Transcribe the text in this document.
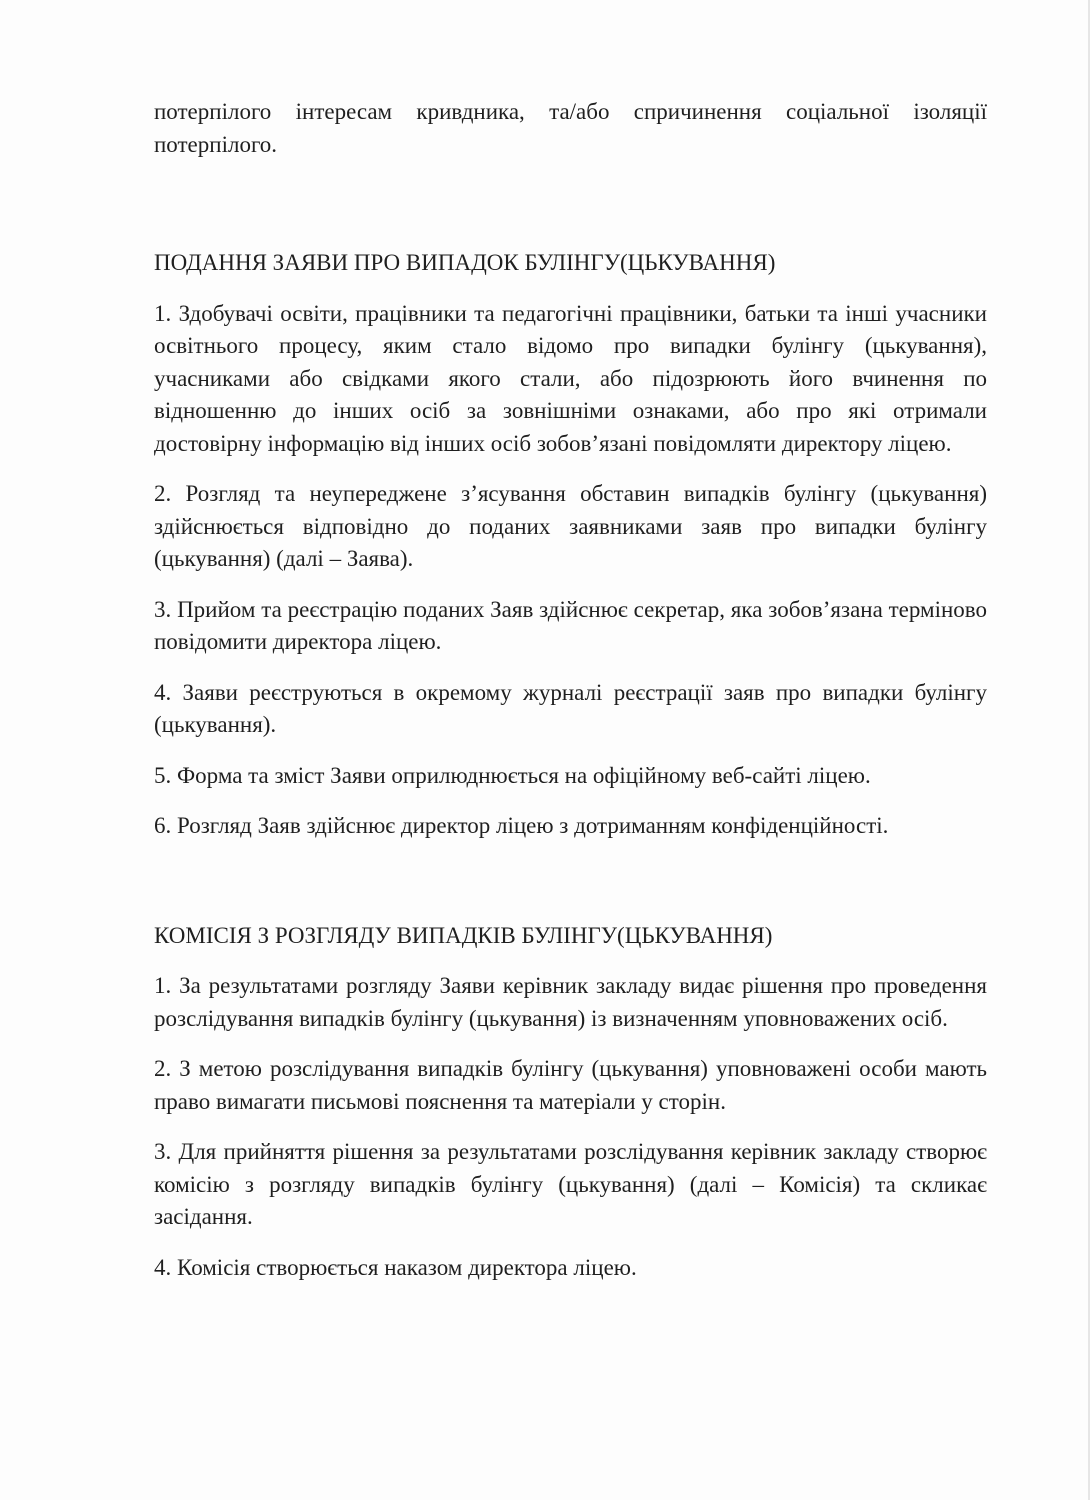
потерпілого інтересам кривдника, та/або спричинення соціальної ізоляції потерпілого.

ПОДАННЯ ЗАЯВИ ПРО ВИПАДОК БУЛІНГУ(ЦЬКУВАННЯ)

1. Здобувачі освіти, працівники та педагогічні працівники, батьки та інші учасники освітнього процесу, яким стало відомо про випадки булінгу (цькування), учасниками або свідками якого стали, або підозрюють його вчинення по відношенню до інших осіб за зовнішніми ознаками, або про які отримали достовірну інформацію від інших осіб зобов’язані повідомляти директору ліцею.

2. Розгляд та неупереджене з’ясування обставин випадків булінгу (цькування) здійснюється відповідно до поданих заявниками заяв про випадки булінгу (цькування) (далі – Заява).

3. Прийом та реєстрацію поданих Заяв здійснює секретар, яка зобов’язана терміново повідомити директора ліцею.

4. Заяви реєструються в окремому журналі реєстрації заяв про випадки булінгу (цькування).

5. Форма та зміст Заяви оприлюднюється на офіційному веб-сайті ліцею.

6. Розгляд Заяв здійснює директор ліцею з дотриманням конфіденційності.

КОМІСІЯ З РОЗГЛЯДУ ВИПАДКІВ БУЛІНГУ(ЦЬКУВАННЯ)

1. За результатами розгляду Заяви керівник закладу видає рішення про проведення розслідування випадків булінгу (цькування) із визначенням уповноважених осіб.

2. З метою розслідування випадків булінгу (цькування) уповноважені особи мають право вимагати письмові пояснення та матеріали у сторін.

3. Для прийняття рішення за результатами розслідування керівник закладу створює комісію з розгляду випадків булінгу (цькування) (далі – Комісія) та скликає засідання.

4. Комісія створюється наказом директора ліцею.
